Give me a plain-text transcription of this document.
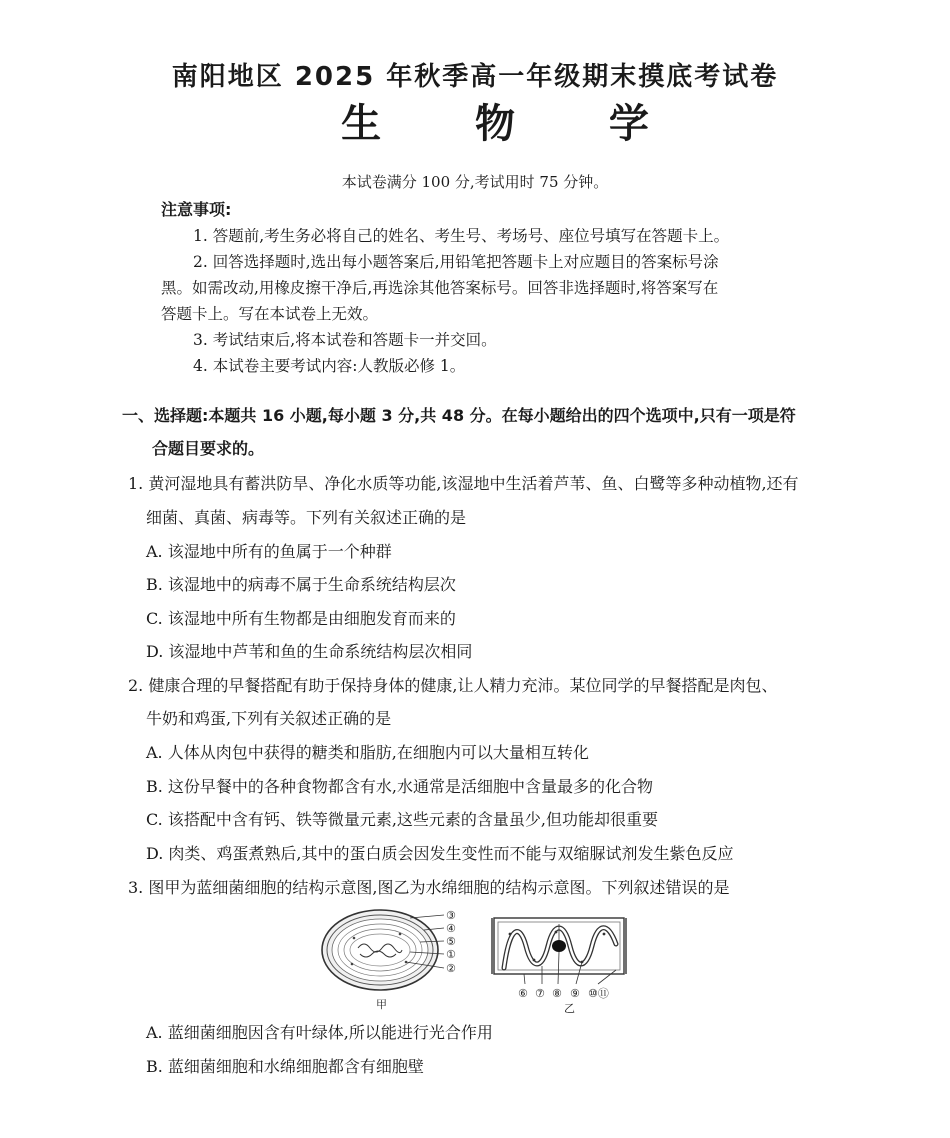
南阳地区 2025 年秋季高一年级期末摸底考试卷
生 物 学
本试卷满分 100 分,考试用时 75 分钟。
注意事项:
1. 答题前,考生务必将自己的姓名、考生号、考场号、座位号填写在答题卡上。
2. 回答选择题时,选出每小题答案后,用铅笔把答题卡上对应题目的答案标号涂
黑。如需改动,用橡皮擦干净后,再选涂其他答案标号。回答非选择题时,将答案写在
答题卡上。写在本试卷上无效。
3. 考试结束后,将本试卷和答题卡一并交回。
4. 本试卷主要考试内容:人教版必修 1。
一、选择题:本题共 16 小题,每小题 3 分,共 48 分。在每小题给出的四个选项中,只有一项是符
合题目要求的。
1. 黄河湿地具有蓄洪防旱、净化水质等功能,该湿地中生活着芦苇、鱼、白鹭等多种动植物,还有
细菌、真菌、病毒等。下列有关叙述正确的是
A. 该湿地中所有的鱼属于一个种群
B. 该湿地中的病毒不属于生命系统结构层次
C. 该湿地中所有生物都是由细胞发育而来的
D. 该湿地中芦苇和鱼的生命系统结构层次相同
2. 健康合理的早餐搭配有助于保持身体的健康,让人精力充沛。某位同学的早餐搭配是肉包、
牛奶和鸡蛋,下列有关叙述正确的是
A. 人体从肉包中获得的糖类和脂肪,在细胞内可以大量相互转化
B. 这份早餐中的各种食物都含有水,水通常是活细胞中含量最多的化合物
C. 该搭配中含有钙、铁等微量元素,这些元素的含量虽少,但功能却很重要
D. 肉类、鸡蛋煮熟后,其中的蛋白质会因发生变性而不能与双缩脲试剂发生紫色反应
3. 图甲为蓝细菌细胞的结构示意图,图乙为水绵细胞的结构示意图。下列叙述错误的是
③
④
⑤
①
②
甲
⑥ ⑦ ⑧ ⑨ ⑩⑪
乙
A. 蓝细菌细胞因含有叶绿体,所以能进行光合作用
B. 蓝细菌细胞和水绵细胞都含有细胞壁
